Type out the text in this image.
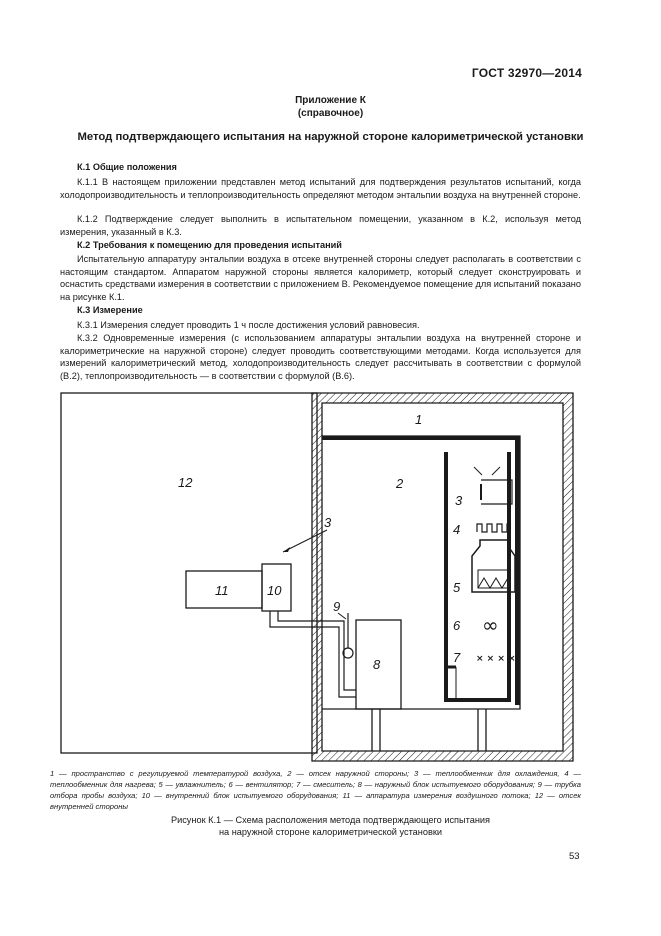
ГОСТ 32970—2014
Приложение К
(справочное)
Метод подтверждающего испытания на наружной стороне калориметрической установки
К.1 Общие положения
К.1.1 В настоящем приложении представлен метод испытаний для подтверждения результатов испытаний, когда холодопроизводительность и теплопроизводительность определяют методом энтальпии воздуха на внутренней стороне.
К.1.2 Подтверждение следует выполнить в испытательном помещении, указанном в К.2, используя метод измерения, указанный в К.3.
К.2 Требования к помещению для проведения испытаний
Испытательную аппаратуру энтальпии воздуха в отсеке внутренней стороны следует располагать в соответствии с настоящим стандартом. Аппаратом наружной стороны является калориметр, который следует сконструировать и оснастить средствами измерения в соответствии с приложением В. Рекомендуемое помещение для испытаний показано на рисунке К.1.
К.3 Измерение
К.3.1 Измерения следует проводить 1 ч после достижения условий равновесия.
К.3.2 Одновременные измерения (с использованием аппаратуры энтальпии воздуха на внутренней стороне и калориметрические на наружной стороне) следует проводить соответствующими методами. Когда используется для измерений калориметрический метод, холодопроизводительность следует рассчитывать в соответствии с формулой (В.2), теплопроизводительность — в соответствии с формулой (В.6).
1
2
3
3
4
5
6
7
8
9
10
11
12
∞
× × × ×
1 — пространство с регулируемой температурой воздуха, 2 — отсек наружной стороны; 3 — теплообменник для охлаждения, 4 — теплообменник для нагрева; 5 — увлажнитель; 6 — вентилятор; 7 — смеситель; 8 — наружный блок испытуемого оборудования; 9 — трубка отбора пробы воздуха; 10 — внутренний блок испытуемого оборудования; 11 — аппаратура измерения воздушного потока; 12 — отсек внутренней стороны
Рисунок К.1 — Схема расположения метода подтверждающего испытания
на наружной стороне калориметрической установки
53
